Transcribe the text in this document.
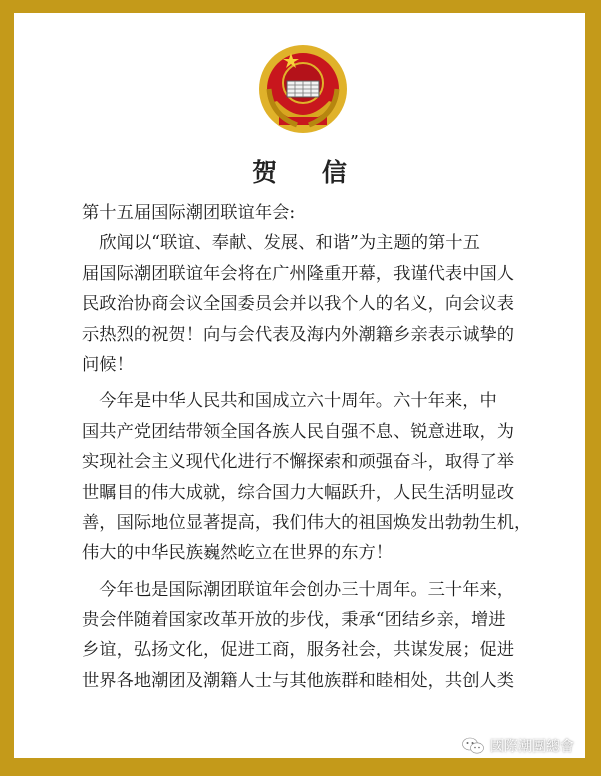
贺 信
第十五届国际潮团联谊年会:
　欣闻以“联谊、奉献、发展、和谐”为主题的第十五
届国际潮团联谊年会将在广州隆重开幕，我谨代表中国人
民政治协商会议全国委员会并以我个人的名义，向会议表
示热烈的祝贺！向与会代表及海内外潮籍乡亲表示诚挚的
问候！
　今年是中华人民共和国成立六十周年。六十年来，中
国共产党团结带领全国各族人民自强不息、锐意进取，为
实现社会主义现代化进行不懈探索和顽强奋斗，取得了举
世瞩目的伟大成就，综合国力大幅跃升，人民生活明显改
善，国际地位显著提高，我们伟大的祖国焕发出勃勃生机，
伟大的中华民族巍然屹立在世界的东方！
　今年也是国际潮团联谊年会创办三十周年。三十年来，
贵会伴随着国家改革开放的步伐，秉承“团结乡亲，增进
乡谊，弘扬文化，促进工商，服务社会，共谋发展；促进
世界各地潮团及潮籍人士与其他族群和睦相处，共创人类
國際潮團總會
